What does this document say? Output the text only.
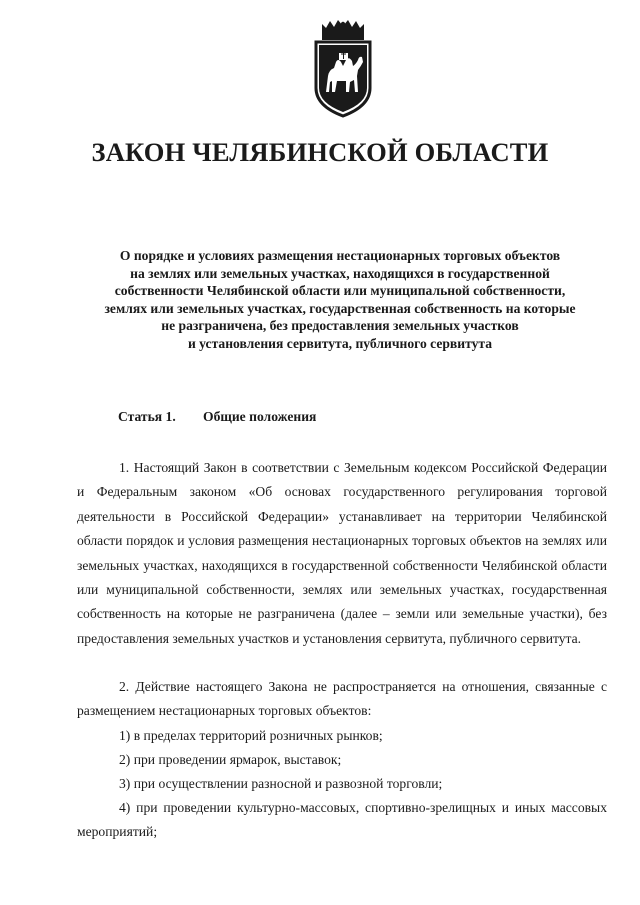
ЗАКОН ЧЕЛЯБИНСКОЙ ОБЛАСТИ
О порядке и условиях размещения нестационарных торговых объектов
на землях или земельных участках, находящихся в государственной
собственности Челябинской области или муниципальной собственности,
землях или земельных участках, государственная собственность на которые
не разграничена, без предоставления земельных участков
и установления сервитута, публичного сервитута
Статья 1. Общие положения

1. Настоящий Закон в соответствии с Земельным кодексом Российской Федерации и Федеральным законом «Об основах государственного регулирования торговой деятельности в Российской Федерации» устанавливает на территории Челябинской области порядок и условия размещения нестационарных торговых объектов на землях или земельных участках, находящихся в государственной собственности Челябинской области или муниципальной собственности, землях или земельных участках, государственная собственность на которые не разграничена (далее – земли или земельные участки), без предоставления земельных участков и установления сервитута, публичного сервитута.

2. Действие настоящего Закона не распространяется на отношения, связанные с размещением нестационарных торговых объектов:

1) в пределах территорий розничных рынков;

2) при проведении ярмарок, выставок;

3) при осуществлении разносной и развозной торговли;

4) при проведении культурно-массовых, спортивно-зрелищных и иных массовых мероприятий;
